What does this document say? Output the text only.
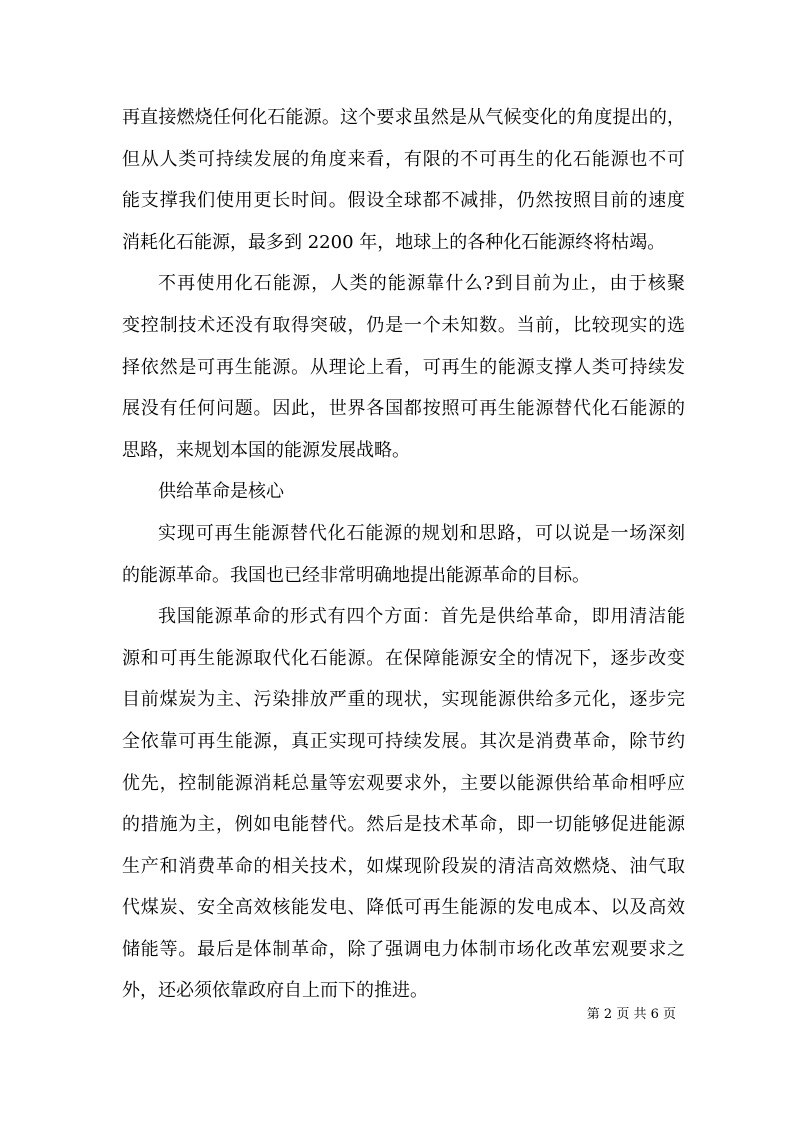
再直接燃烧任何化石能源。这个要求虽然是从气候变化的角度提出的，
但从人类可持续发展的角度来看，有限的不可再生的化石能源也不可
能支撑我们使用更长时间。假设全球都不减排，仍然按照目前的速度
消耗化石能源，最多到 2200 年，地球上的各种化石能源终将枯竭。
不再使用化石能源，人类的能源靠什么?到目前为止，由于核聚
变控制技术还没有取得突破，仍是一个未知数。当前，比较现实的选
择依然是可再生能源。从理论上看，可再生的能源支撑人类可持续发
展没有任何问题。因此，世界各国都按照可再生能源替代化石能源的
思路，来规划本国的能源发展战略。
供给革命是核心
实现可再生能源替代化石能源的规划和思路，可以说是一场深刻
的能源革命。我国也已经非常明确地提出能源革命的目标。
我国能源革命的形式有四个方面：首先是供给革命，即用清洁能
源和可再生能源取代化石能源。在保障能源安全的情况下，逐步改变
目前煤炭为主、污染排放严重的现状，实现能源供给多元化，逐步完
全依靠可再生能源，真正实现可持续发展。其次是消费革命，除节约
优先，控制能源消耗总量等宏观要求外，主要以能源供给革命相呼应
的措施为主，例如电能替代。然后是技术革命，即一切能够促进能源
生产和消费革命的相关技术，如煤现阶段炭的清洁高效燃烧、油气取
代煤炭、安全高效核能发电、降低可再生能源的发电成本、以及高效
储能等。最后是体制革命，除了强调电力体制市场化改革宏观要求之
外，还必须依靠政府自上而下的推进。
第 2 页 共 6 页
